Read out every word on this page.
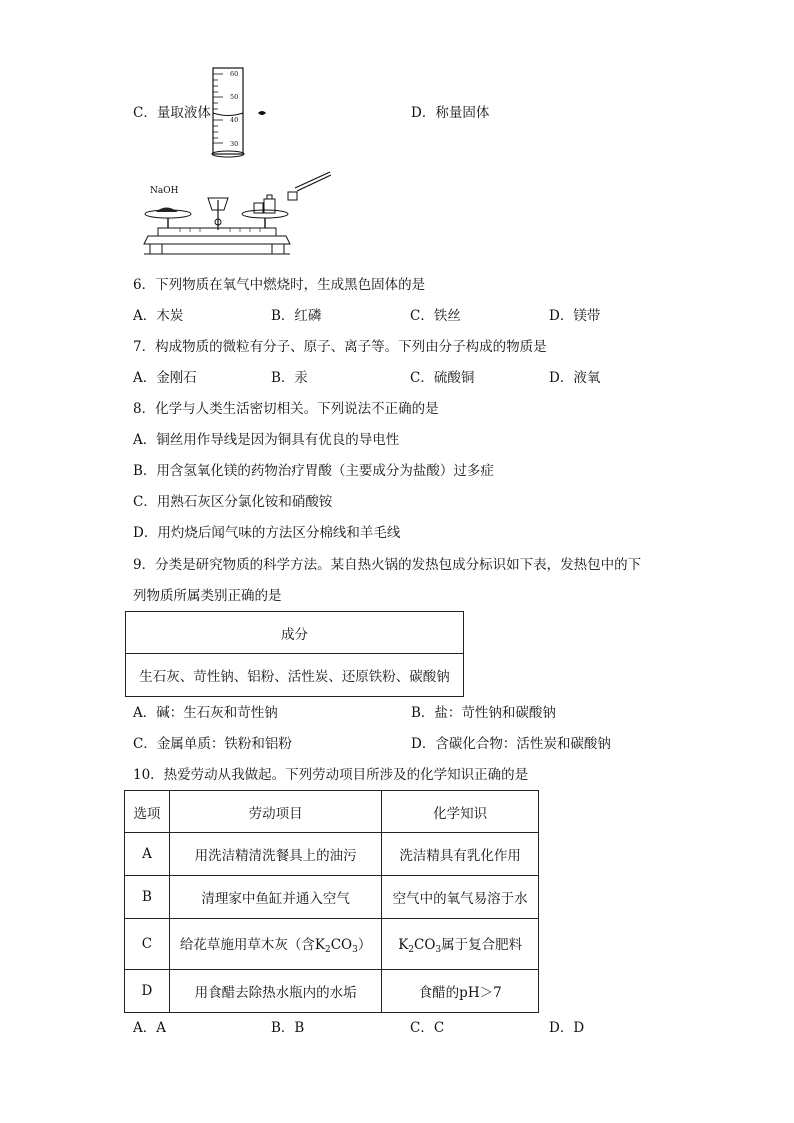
C．量取液体	D．称量固体
60
50
40
30
NaOH
6．下列物质在氧气中燃烧时，生成黑色固体的是
A．木炭	B．红磷	C．铁丝	D．镁带
7．构成物质的微粒有分子、原子、离子等。下列由分子构成的物质是
A．金刚石	B．汞	C．硫酸铜	D．液氧
8．化学与人类生活密切相关。下列说法不正确的是
A．铜丝用作导线是因为铜具有优良的导电性
B．用含氢氧化镁的药物治疗胃酸（主要成分为盐酸）过多症
C．用熟石灰区分氯化铵和硝酸铵
D．用灼烧后闻气味的方法区分棉线和羊毛线
9．分类是研究物质的科学方法。某自热火锅的发热包成分标识如下表，发热包中的下
列物质所属类别正确的是
成分
生石灰、苛性钠、铝粉、活性炭、还原铁粉、碳酸钠
A．碱：生石灰和苛性钠	B．盐：苛性钠和碳酸钠
C．金属单质：铁粉和铝粉	D．含碳化合物：活性炭和碳酸钠
10．热爱劳动从我做起。下列劳动项目所涉及的化学知识正确的是
选项	劳动项目	化学知识
A	用洗洁精清洗餐具上的油污	洗洁精具有乳化作用
B	清理家中鱼缸并通入空气	空气中的氧气易溶于水
C	给花草施用草木灰（含$K_2CO_3$）	$K_2CO_3$属于复合肥料
D	用食醋去除热水瓶内的水垢	食醋的pH＞7
A．A	B．B	C．C	D．D
